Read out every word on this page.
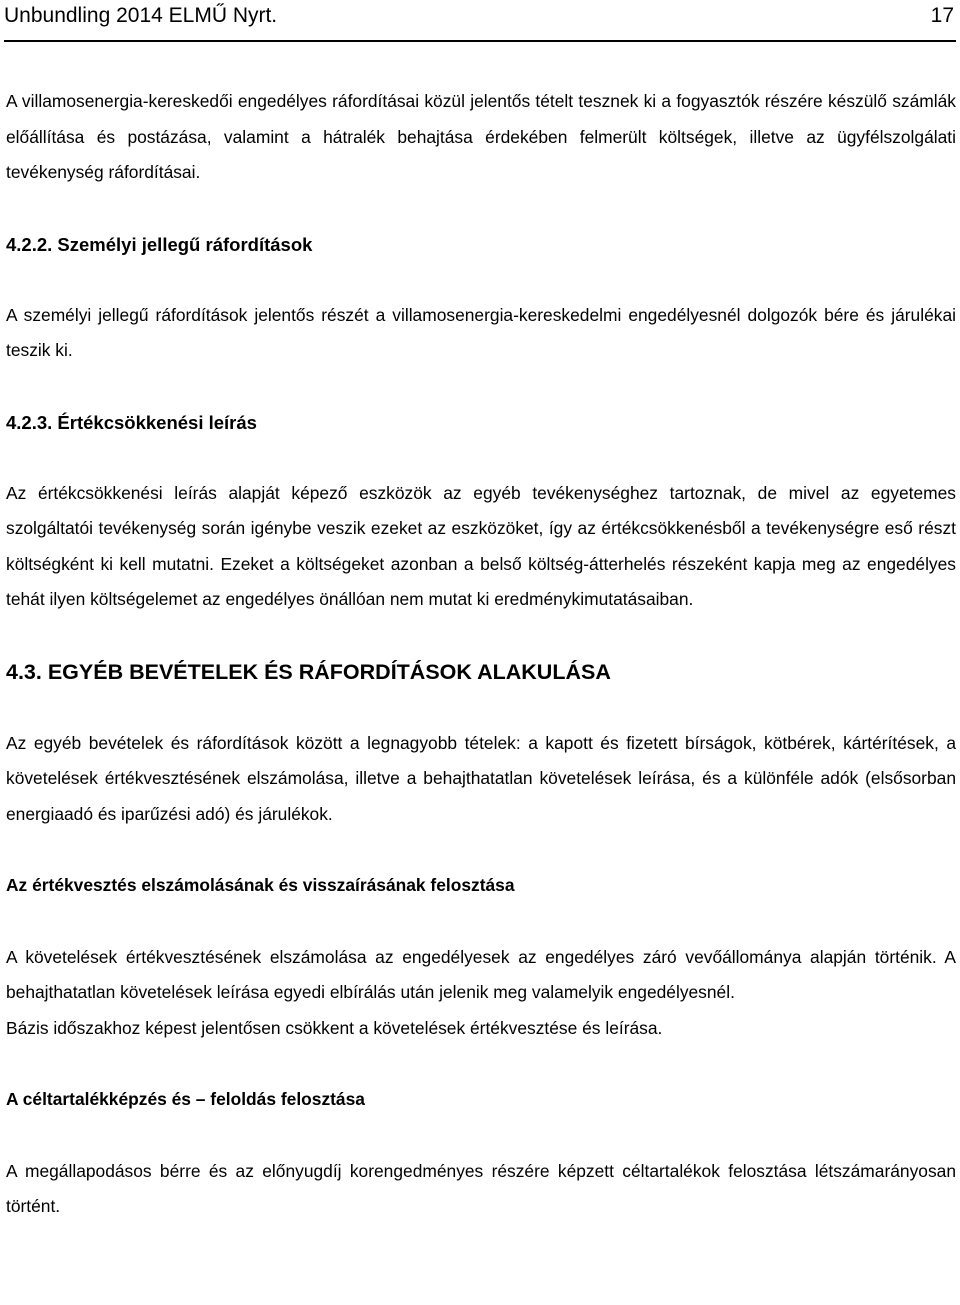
Unbundling 2014 ELMŰ Nyrt.	17

A villamosenergia-kereskedői engedélyes ráfordításai közül jelentős tételt tesznek ki a fogyasztók részére készülő számlák előállítása és postázása, valamint a hátralék behajtása érdekében felmerült költségek, illetve az ügyfélszolgálati tevékenység ráfordításai.

4.2.2. Személyi jellegű ráfordítások

A személyi jellegű ráfordítások jelentős részét a villamosenergia-kereskedelmi engedélyesnél dolgozók bére és járulékai teszik ki.

4.2.3. Értékcsökkenési leírás

Az értékcsökkenési leírás alapját képező eszközök az egyéb tevékenységhez tartoznak, de mivel az egyetemes szolgáltatói tevékenység során igénybe veszik ezeket az eszközöket, így az értékcsökkenésből a tevékenységre eső részt költségként ki kell mutatni. Ezeket a költségeket azonban a belső költség-átterhelés részeként kapja meg az engedélyes tehát ilyen költségelemet az engedélyes önállóan nem mutat ki eredménykimutatásaiban.

4.3. EGYÉB BEVÉTELEK ÉS RÁFORDÍTÁSOK ALAKULÁSA

Az egyéb bevételek és ráfordítások között a legnagyobb tételek: a kapott és fizetett bírságok, kötbérek, kártérítések, a követelések értékvesztésének elszámolása, illetve a behajthatatlan követelések leírása, és a különféle adók (elsősorban energiaadó és iparűzési adó) és járulékok.

Az értékvesztés elszámolásának és visszaírásának felosztása

A követelések értékvesztésének elszámolása az engedélyesek az engedélyes záró vevőállománya alapján történik. A behajthatatlan követelések leírása egyedi elbírálás után jelenik meg valamelyik engedélyesnél.

Bázis időszakhoz képest jelentősen csökkent a követelések értékvesztése és leírása.

A céltartalékképzés és – feloldás felosztása

A megállapodásos bérre és az előnyugdíj korengedményes részére képzett céltartalékok felosztása létszámarányosan történt.
